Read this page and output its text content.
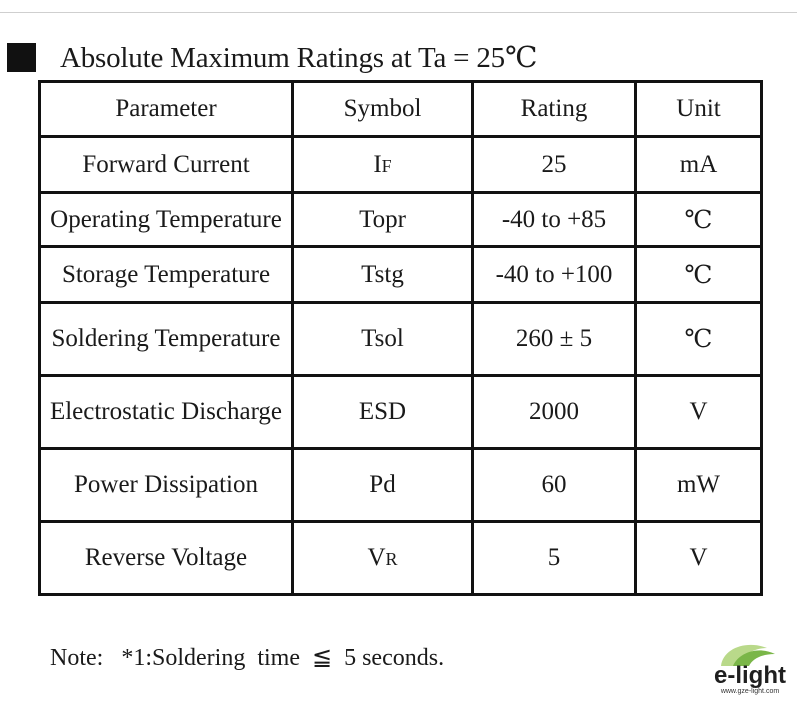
Absolute Maximum Ratings at Ta = 25℃
Parameter	Symbol	Rating	Unit
Forward Current	IF	25	mA
Operating Temperature	Topr	-40 to +85	℃
Storage Temperature	Tstg	-40 to +100	℃
Soldering Temperature	Tsol	260 ± 5	℃
Electrostatic Discharge	ESD	2000	V
Power Dissipation	Pd	60	mW
Reverse Voltage	VR	5	V
Note:   *1:Soldering  time  ≦  5 seconds.
e-light
www.gze-light.com
